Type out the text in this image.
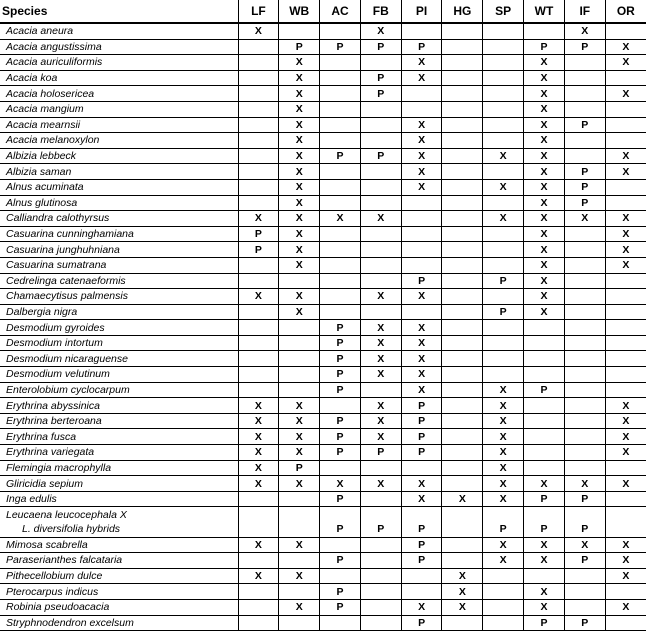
Species	LF	WB	AC	FB	PI	HG	SP	WT	IF	OR
Acacia aneura	X			X					X	
Acacia angustissima		P	P	P	P			P	P	X
Acacia auriculiformis		X			X			X		X
Acacia koa		X		P	X			X		
Acacia holosericea		X		P				X		X
Acacia mangium		X						X		
Acacia mearnsii		X			X			X	P	
Acacia melanoxylon		X			X			X		
Albizia lebbeck		X	P	P	X		X	X		X
Albizia saman		X			X			X	P	X
Alnus acuminata		X			X		X	X	P	
Alnus glutinosa		X						X	P	
Calliandra calothyrsus	X	X	X	X			X	X	X	X
Casuarina cunninghamiana	P	X						X		X
Casuarina junghuhniana	P	X						X		X
Casuarina sumatrana		X						X		X
Cedrelinga catenaeformis					P		P	X		
Chamaecytisus palmensis	X	X		X	X			X		
Dalbergia nigra		X					P	X		
Desmodium gyroides			P	X	X					
Desmodium intortum			P	X	X					
Desmodium nicaraguense			P	X	X					
Desmodium velutinum			P	X	X					
Enterolobium cyclocarpum			P		X		X	P		
Erythrina abyssinica	X	X		X	P		X			X
Erythrina berteroana	X	X	P	X	P		X			X
Erythrina fusca	X	X	P	X	P		X			X
Erythrina variegata	X	X	P	P	P		X			X
Flemingia macrophylla	X	P					X			
Gliricidia sepium	X	X	X	X	X		X	X	X	X
Inga edulis			P		X	X	X	P	P	
Leucaena leucocephala X										
L. diversifolia hybrids			P	P	P		P	P	P	
Mimosa scabrella	X	X			P		X	X	X	X
Paraserianthes falcataria			P		P		X	X	P	X
Pithecellobium dulce	X	X				X				X
Pterocarpus indicus			P			X		X		
Robinia pseudoacacia		X	P		X	X		X		X
Stryphnodendron excelsum					P			P	P	
